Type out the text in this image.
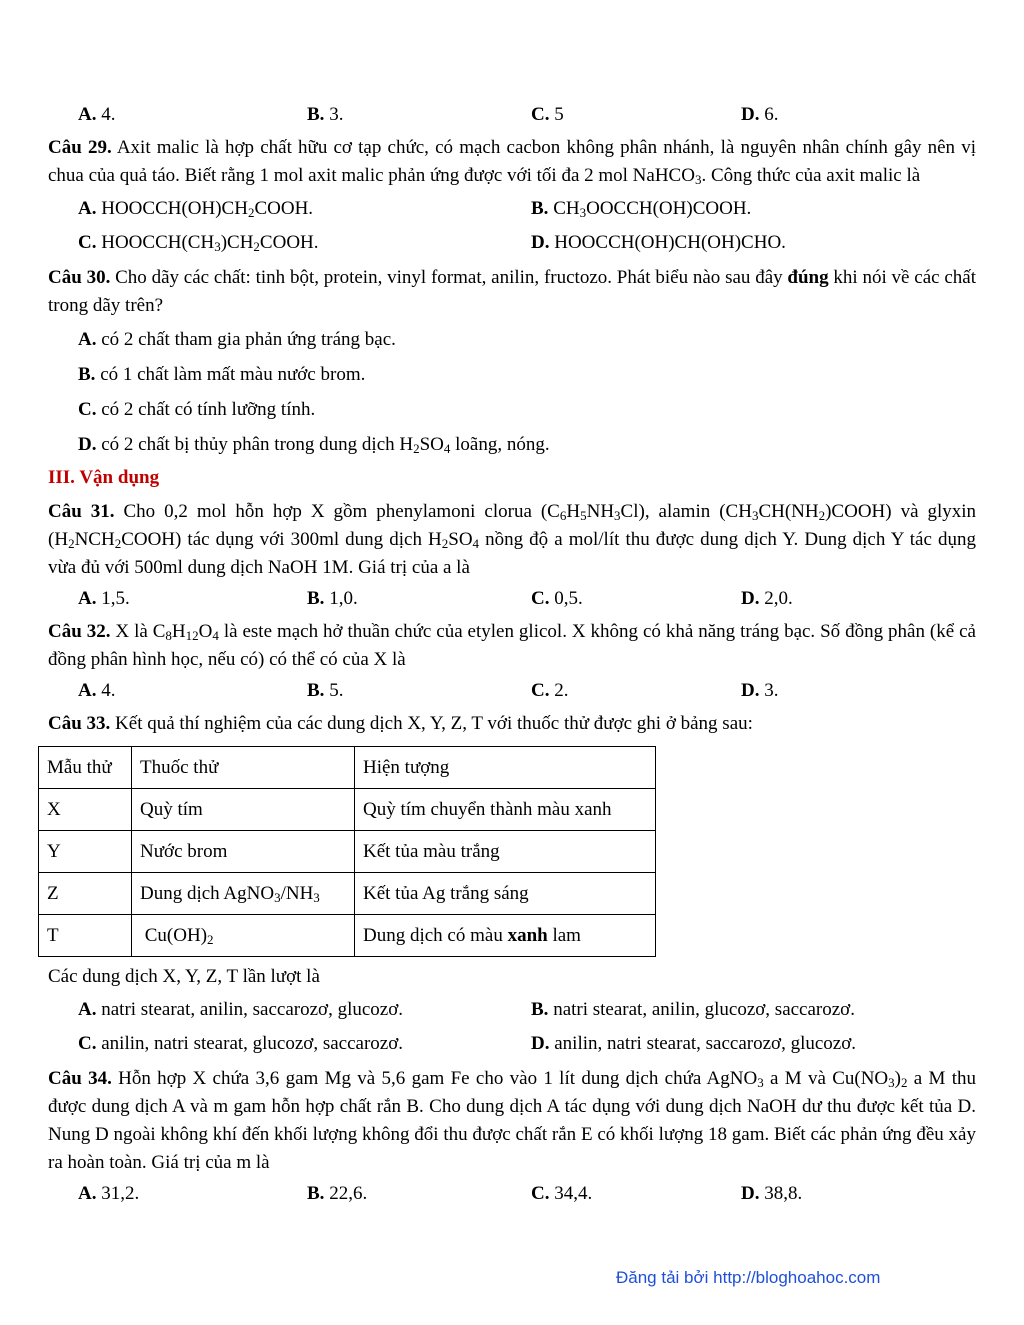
A. 4.	B. 3.	C. 5	D. 6.
Câu 29. Axit malic là hợp chất hữu cơ tạp chức, có mạch cacbon không phân nhánh, là nguyên nhân chính gây nên vị chua của quả táo. Biết rằng 1 mol axit malic phản ứng được với tối đa 2 mol NaHCO$_3$. Công thức của axit malic là
A. $HOOCCH(OH)CH_2COOH$.	B. $CH_3OOCCH(OH)COOH$.
C. $HOOCCH(CH_3)CH_2COOH$.	D. HOOCCH(OH)CH(OH)CHO.
Câu 30. Cho dãy các chất: tinh bột, protein, vinyl format, anilin, fructozo. Phát biểu nào sau đây đúng khi nói về các chất trong dãy trên?
A.
có 2 chất tham gia phản ứng tráng bạc.
B.
có 1 chất làm mất màu nước brom.
C.
có 2 chất có tính lưỡng tính.
D.
có 2 chất bị thủy phân trong dung dịch $H_2SO_4$ loãng, nóng.
III. Vận dụng
Câu 31. Cho 0,2 mol hỗn hợp X gồm phenylamoni clorua $(C_6H_5NH_3Cl)$, alamin $(CH_3CH(NH_2)COOH)$ và glyxin $(H_2NCH_2COOH)$ tác dụng với 300ml dung dịch $H_2SO_4$ nồng độ a mol/lít thu được dung dịch Y. Dung dịch Y tác dụng vừa đủ với 500ml dung dịch NaOH 1M. Giá trị của a là
A. 1,5.	B. 1,0.	C. 0,5.	D. 2,0.
Câu 32. X là $C_8H_{12}O_4$ là este mạch hở thuần chức của etylen glicol. X không có khả năng tráng bạc. Số đồng phân (kể cả đồng phân hình học, nếu có) có thể có của X là
A. 4.	B. 5.	C. 2.	D. 3.
Câu 33. Kết quả thí nghiệm của các dung dịch X, Y, Z, T với thuốc thử được ghi ở bảng sau:
Mẫu thử	Thuốc thử	Hiện tượng
X	Quỳ tím	Quỳ tím chuyển thành màu xanh
Y	Nước brom	Kết tủa màu trắng
Z	Dung dịch $AgNO_3/NH_3$	Kết tủa Ag trắng sáng
T	$Cu(OH)_2$	Dung dịch có màu xanh lam
Các dung dịch X, Y, Z, T lần lượt là
A. natri stearat, anilin, saccarozơ, glucozơ.	B. natri stearat, anilin, glucozơ, saccarozơ.
C. anilin, natri stearat, glucozơ, saccarozơ.	D. anilin, natri stearat, saccarozơ, glucozơ.
Câu 34. Hỗn hợp X chứa 3,6 gam Mg và 5,6 gam Fe cho vào 1 lít dung dịch chứa AgNO$_3$ a M và $Cu(NO_3)_2$ a M thu được dung dịch A và m gam hỗn hợp chất rắn B. Cho dung dịch A tác dụng với dung dịch NaOH dư thu được kết tủa D. Nung D ngoài không khí đến khối lượng không đổi thu được chất rắn E có khối lượng 18 gam. Biết các phản ứng đều xảy ra hoàn toàn. Giá trị của m là
A. 31,2.	B. 22,6.	C. 34,4.	D. 38,8.
Đăng tải bởi http://bloghoahoc.com
